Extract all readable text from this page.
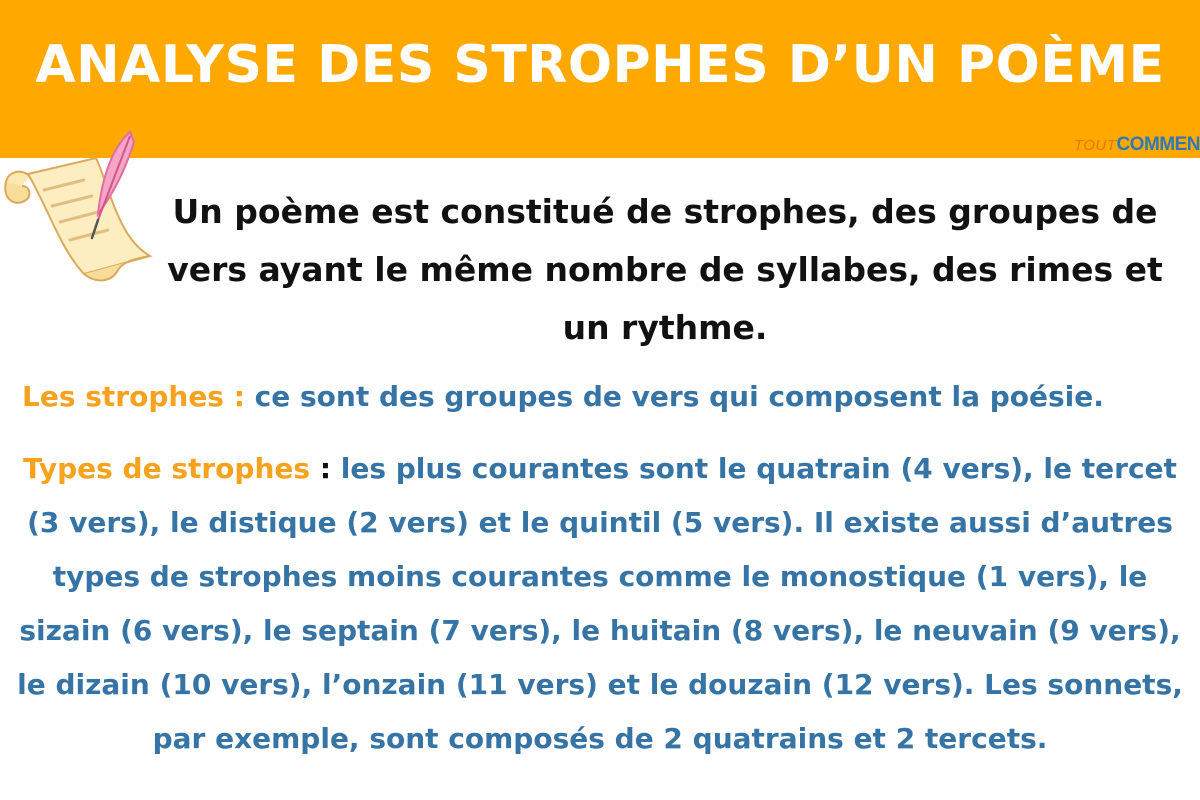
ANALYSE DES STROPHES D’UN POÈME
TOUTCOMMEN
Un poème est constitué de strophes, des groupes de vers ayant le même nombre de syllabes, des rimes et un rythme.
Les strophes : ce sont des groupes de vers qui composent la poésie.
Types de strophes : les plus courantes sont le quatrain (4 vers), le tercet (3 vers), le distique (2 vers) et le quintil (5 vers). Il existe aussi d’autres types de strophes moins courantes comme le monostique (1 vers), le sizain (6 vers), le septain (7 vers), le huitain (8 vers), le neuvain (9 vers), le dizain (10 vers), l’onzain (11 vers) et le douzain (12 vers). Les sonnets, par exemple, sont composés de 2 quatrains et 2 tercets.
